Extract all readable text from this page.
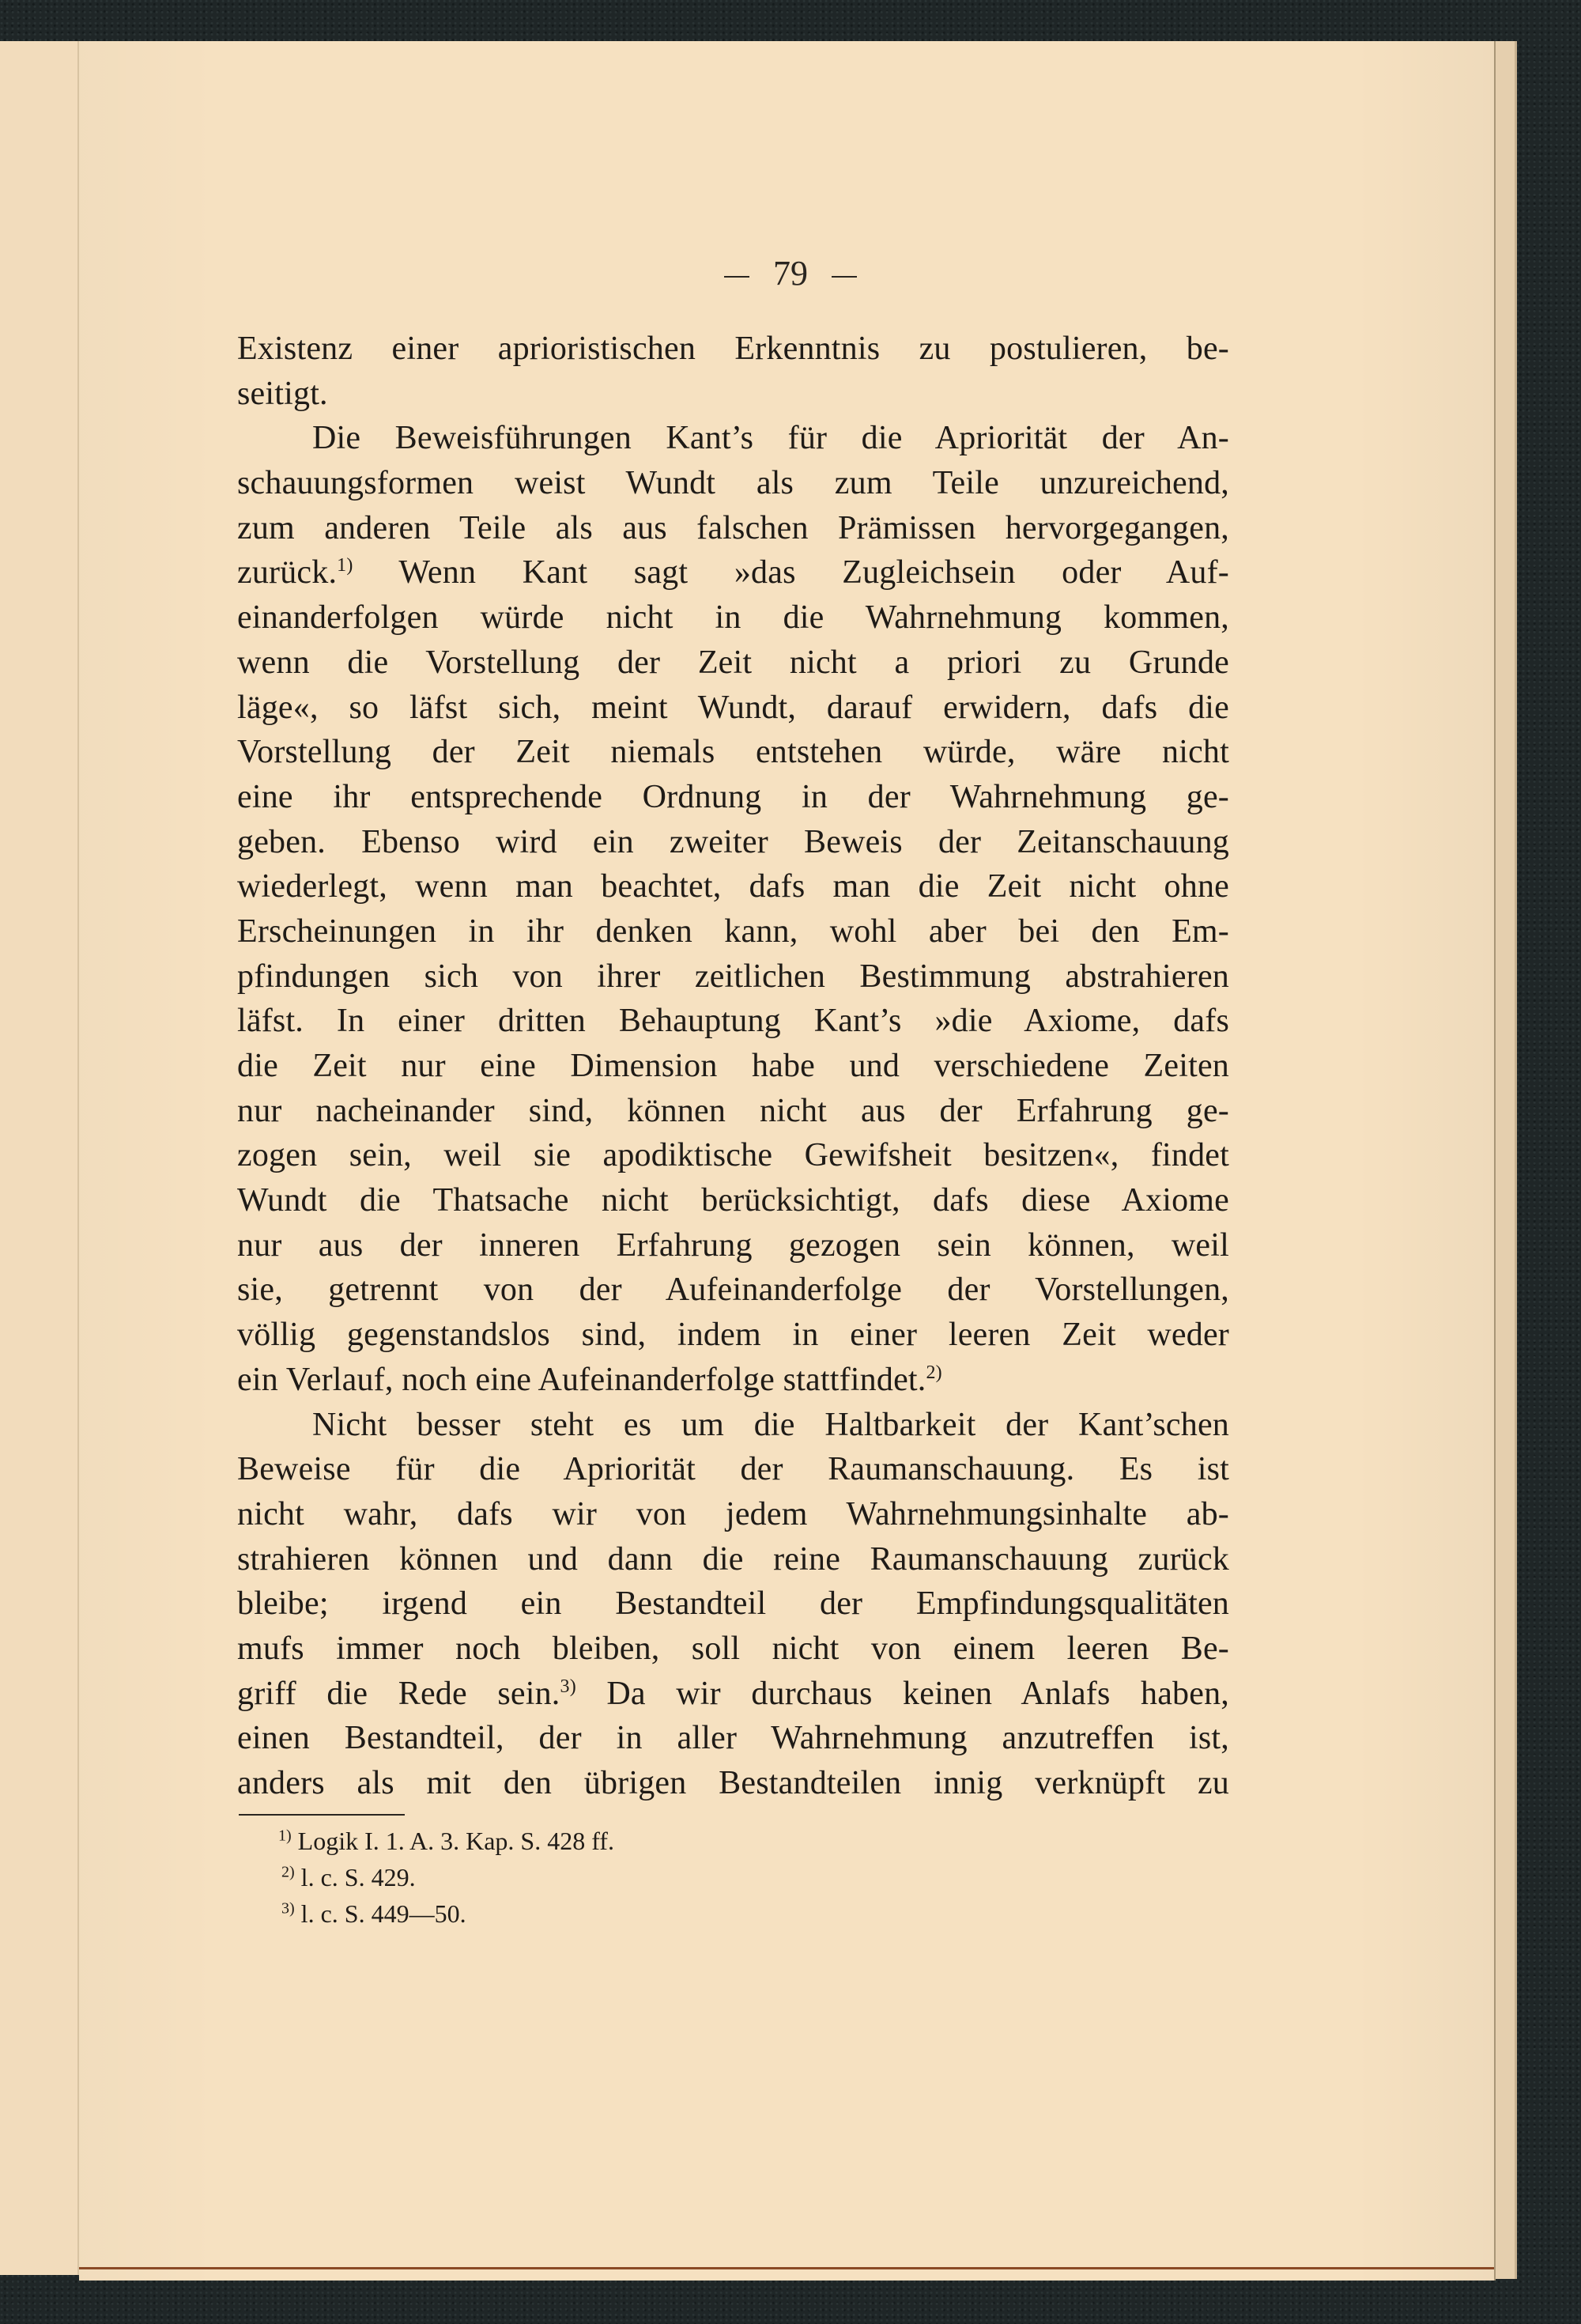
79
Existenz einer aprioristischen Erkenntnis zu postulieren, be-
seitigt.
Die Beweisführungen Kant’s für die Apriorität der An-
schauungsformen weist Wundt als zum Teile unzureichend,
zum anderen Teile als aus falschen Prämissen hervorgegangen,
zurück.$^{1)}$ Wenn Kant sagt »das Zugleichsein oder Auf-
einanderfolgen würde nicht in die Wahrnehmung kommen,
wenn die Vorstellung der Zeit nicht a priori zu Grunde
läge«, so läfst sich, meint Wundt, darauf erwidern, dafs die
Vorstellung der Zeit niemals entstehen würde, wäre nicht
eine ihr entsprechende Ordnung in der Wahrnehmung ge-
geben. Ebenso wird ein zweiter Beweis der Zeitanschauung
wiederlegt, wenn man beachtet, dafs man die Zeit nicht ohne
Erscheinungen in ihr denken kann, wohl aber bei den Em-
pfindungen sich von ihrer zeitlichen Bestimmung abstrahieren
läfst. In einer dritten Behauptung Kant’s »die Axiome, dafs
die Zeit nur eine Dimension habe und verschiedene Zeiten
nur nacheinander sind, können nicht aus der Erfahrung ge-
zogen sein, weil sie apodiktische Gewifsheit besitzen«, findet
Wundt die Thatsache nicht berücksichtigt, dafs diese Axiome
nur aus der inneren Erfahrung gezogen sein können, weil
sie, getrennt von der Aufeinanderfolge der Vorstellungen,
völlig gegenstandslos sind, indem in einer leeren Zeit weder
ein Verlauf, noch eine Aufeinanderfolge stattfindet.$^{2)}$
Nicht besser steht es um die Haltbarkeit der Kant’schen
Beweise für die Apriorität der Raumanschauung. Es ist
nicht wahr, dafs wir von jedem Wahrnehmungsinhalte ab-
strahieren können und dann die reine Raumanschauung zurück
bleibe; irgend ein Bestandteil der Empfindungsqualitäten
mufs immer noch bleiben, soll nicht von einem leeren Be-
griff die Rede sein.$^{3)}$ Da wir durchaus keinen Anlafs haben,
einen Bestandteil, der in aller Wahrnehmung anzutreffen ist,
anders als mit den übrigen Bestandteilen innig verknüpft zu
$^{1)}$ Logik I. 1. A. 3. Kap. S. 428 ff.
$^{2)}$ l. c. S. 429.
$^{3)}$ l. c. S. 449—50.
